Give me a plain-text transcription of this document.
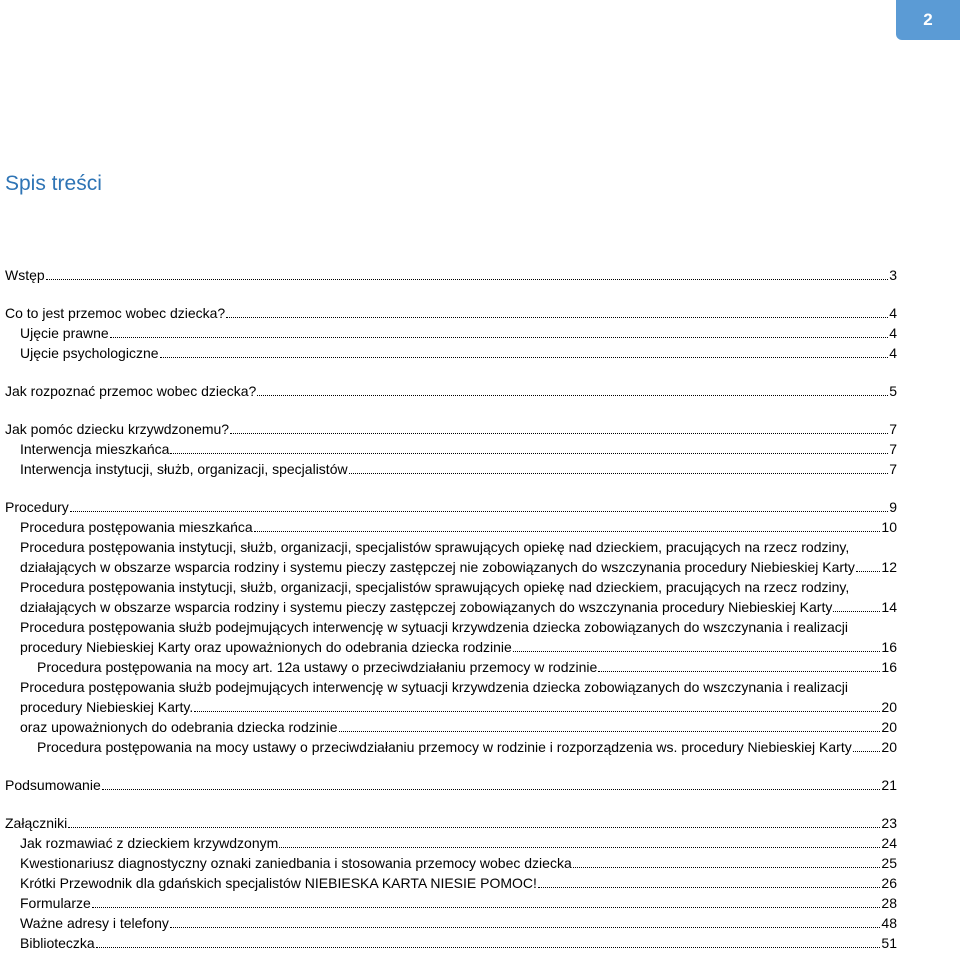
2
Spis treści
Wstęp	3
Co to jest przemoc wobec dziecka?	4
Ujęcie prawne	4
Ujęcie psychologiczne	4
Jak rozpoznać przemoc wobec dziecka?	5
Jak pomóc dziecku krzywdzonemu?	7
Interwencja mieszkańca	7
Interwencja instytucji, służb, organizacji, specjalistów	7
Procedury	9
Procedura postępowania mieszkańca	10
Procedura postępowania instytucji, służb, organizacji, specjalistów sprawujących opiekę nad dzieckiem, pracujących na rzecz rodziny,
działających w obszarze wsparcia rodziny i systemu pieczy zastępczej nie zobowiązanych do wszczynania procedury Niebieskiej Karty 12
Procedura postępowania instytucji, służb, organizacji, specjalistów sprawujących opiekę nad dzieckiem, pracujących na rzecz rodziny,
działających w obszarze wsparcia rodziny i systemu pieczy zastępczej zobowiązanych do wszczynania procedury Niebieskiej Karty	14
Procedura postępowania służb podejmujących interwencję w sytuacji krzywdzenia dziecka zobowiązanych do wszczynania i realizacji
procedury Niebieskiej Karty oraz upoważnionych do odebrania dziecka rodzinie	16
Procedura postępowania na mocy art. 12a ustawy o przeciwdziałaniu przemocy w rodzinie	16
Procedura postępowania służb podejmujących interwencję w sytuacji krzywdzenia dziecka zobowiązanych do wszczynania i realizacji
procedury Niebieskiej Karty.	20
oraz upoważnionych do odebrania dziecka rodzinie	20
Procedura postępowania na mocy ustawy o przeciwdziałaniu przemocy w rodzinie i rozporządzenia ws. procedury Niebieskiej Karty 20
Podsumowanie	21
Załączniki	23
Jak rozmawiać z dzieckiem krzywdzonym	24
Kwestionariusz diagnostyczny oznaki zaniedbania i stosowania przemocy wobec dziecka	25
Krótki Przewodnik dla gdańskich specjalistów NIEBIESKA KARTA NIESIE POMOC!	26
Formularze	28
Ważne adresy i telefony	48
Biblioteczka	51
